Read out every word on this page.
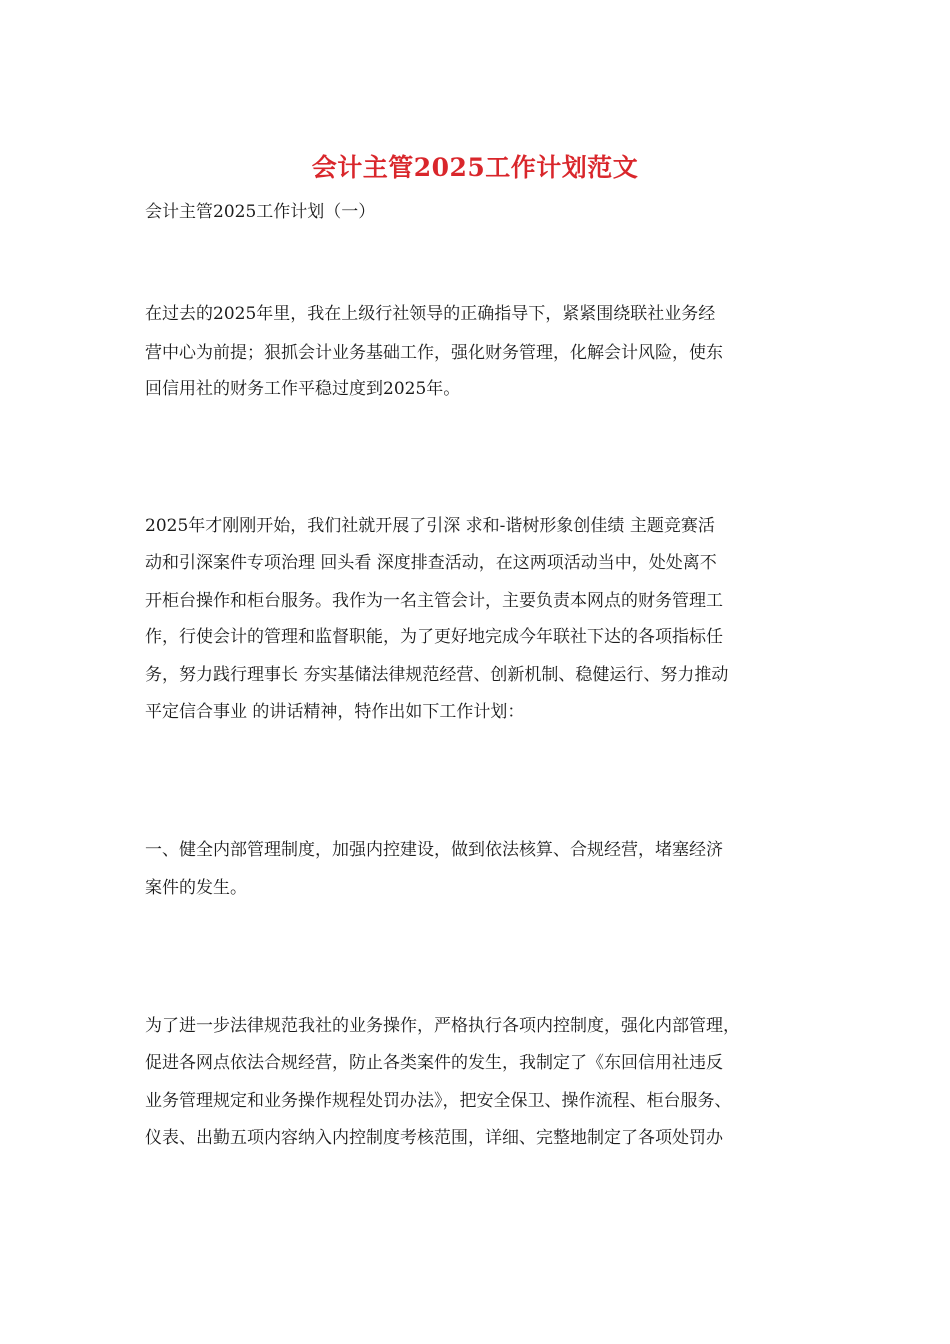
会计主管2025工作计划范文
会计主管2025工作计划（一）
在过去的2025年里，我在上级行社领导的正确指导下，紧紧围绕联社业务经
营中心为前提；狠抓会计业务基础工作，强化财务管理，化解会计风险，使东
回信用社的财务工作平稳过度到2025年。
2025年才刚刚开始，我们社就开展了引深 求和-谐树形象创佳绩 主题竞赛活
动和引深案件专项治理 回头看 深度排查活动，在这两项活动当中，处处离不
开柜台操作和柜台服务。我作为一名主管会计，主要负责本网点的财务管理工
作，行使会计的管理和监督职能，为了更好地完成今年联社下达的各项指标任
务，努力践行理事长 夯实基储法律规范经营、创新机制、稳健运行、努力推动
平定信合事业 的讲话精神，特作出如下工作计划：
一、健全内部管理制度，加强内控建设，做到依法核算、合规经营，堵塞经济
案件的发生。
为了进一步法律规范我社的业务操作，严格执行各项内控制度，强化内部管理，
促进各网点依法合规经营，防止各类案件的发生，我制定了《东回信用社违反
业务管理规定和业务操作规程处罚办法》，把安全保卫、操作流程、柜台服务、
仪表、出勤五项内容纳入内控制度考核范围，详细、完整地制定了各项处罚办
